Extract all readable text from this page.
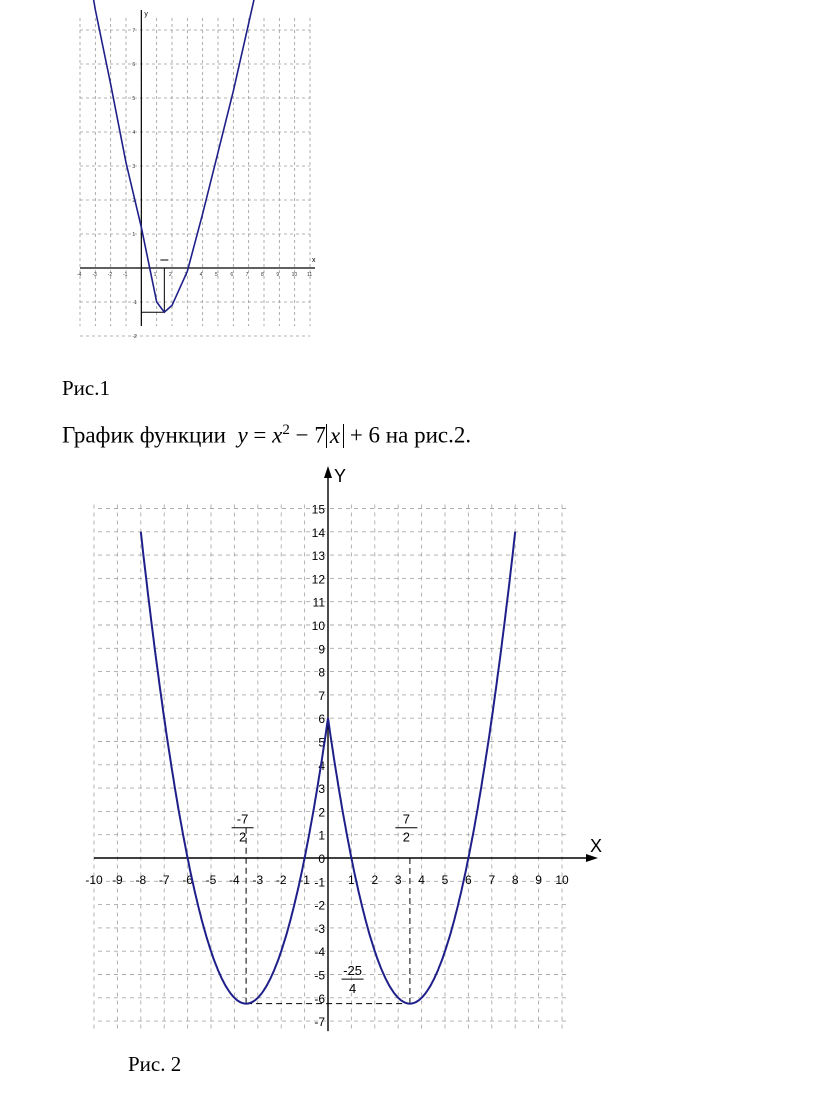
x
y
-4 -3 -2 -1	1	2	3	4	5	6	7	8	9	10 11
-2
-1
1
2
3
4
5
6
7
Рис.1
График функции $y = x^2 - 7$ x + 6 на рис.2.
X
Y
-10 -9 -8 -7 -6 -5 -4 -3 -2 -1	1 2 3 4 5 6 7 8 9 10
-7
-6
-5
-4
-3
-2
-1
0
1
2
3
4
5
6
7
8
9
10
11
12
13
14
15
-7
2
7
2
-25
4
Рис. 2
